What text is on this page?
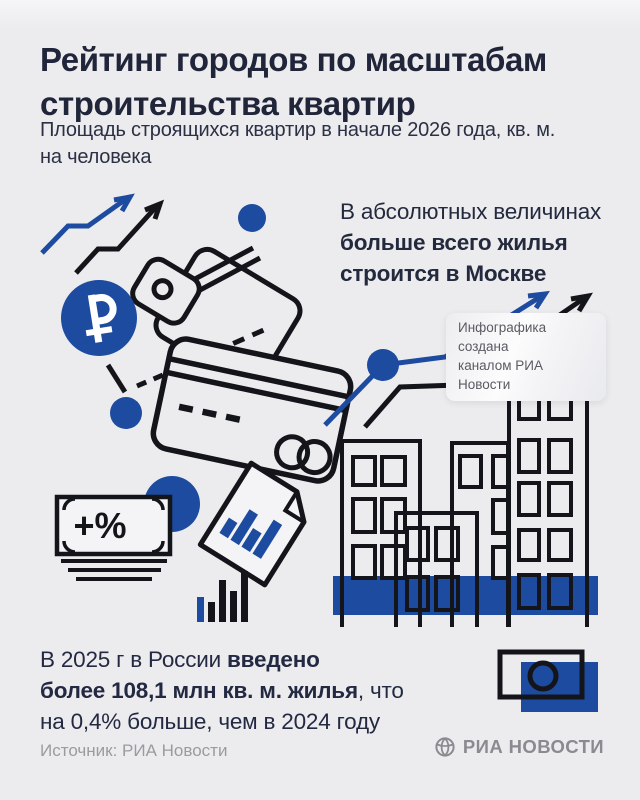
+%
Рейтинг городов по масштабам
строительства квартир
Площадь строящихся квартир в начале 2026 года, кв. м.
на человека
В абсолютных величинах
больше всего жилья
строится в Москве
Инфографика создана
каналом РИА Новости
В 2025 г в России введено
более 108,1 млн кв. м. жилья, что
на 0,4% больше, чем в 2024 году
Источник: РИА Новости	РИА НОВОСТИ
